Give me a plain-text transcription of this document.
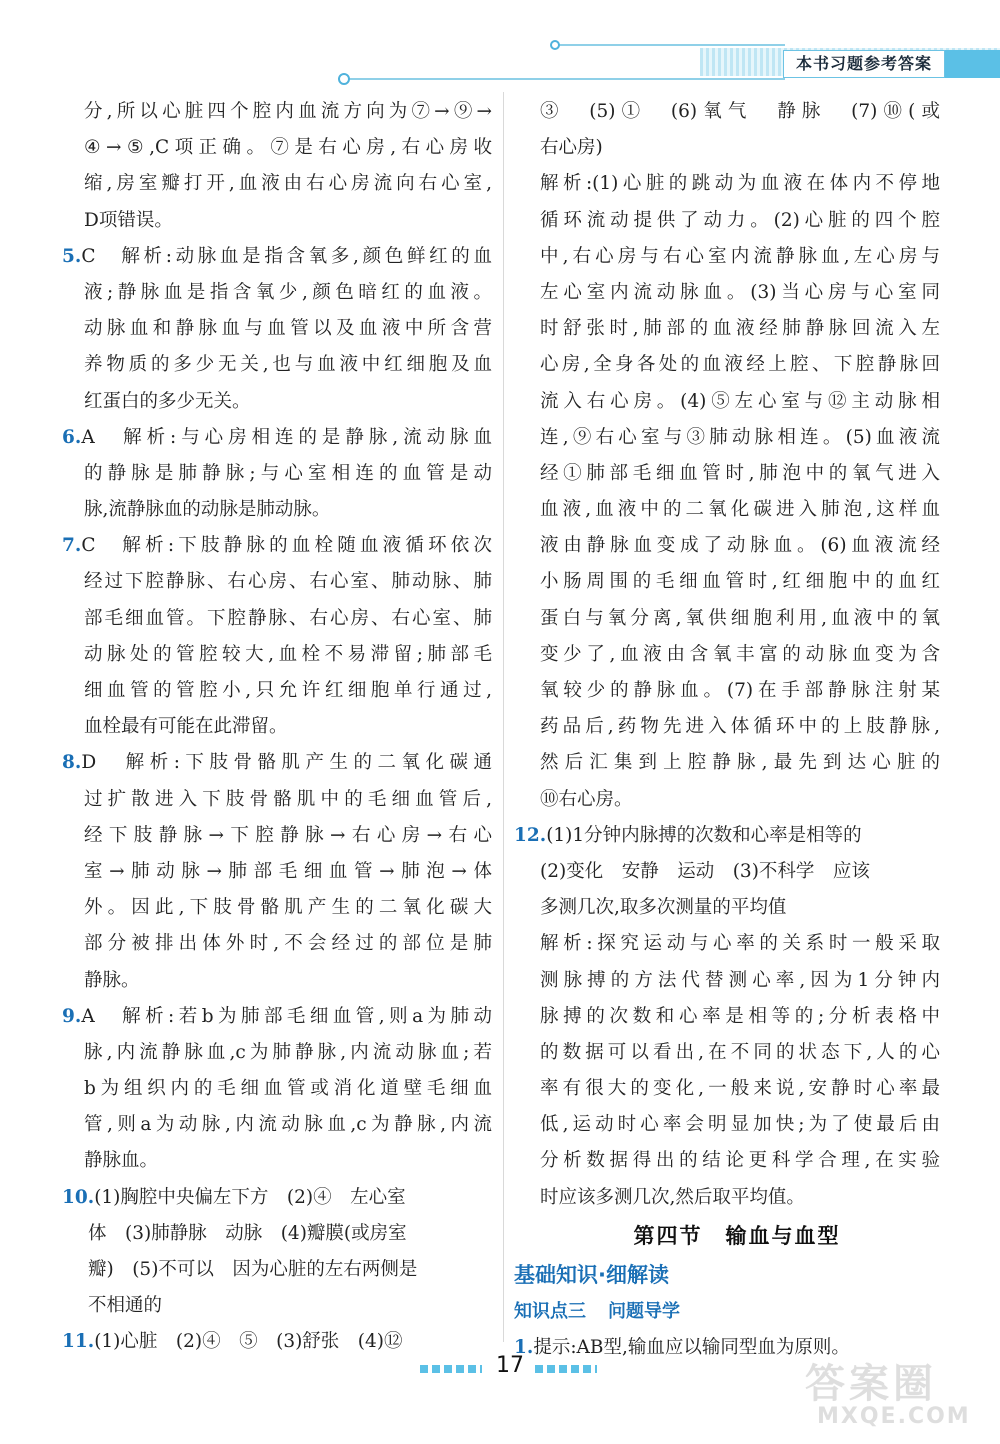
本书习题参考答案
分,所以心脏四个腔内血流方向为⑦→⑨→
④→⑤,C项正确。⑦是右心房,右心房收
缩,房室瓣打开,血液由右心房流向右心室,
D项错误。
5.C　解析:动脉血是指含氧多,颜色鲜红的血
液;静脉血是指含氧少,颜色暗红的血液。
动脉血和静脉血与血管以及血液中所含营
养物质的多少无关,也与血液中红细胞及血
红蛋白的多少无关。
6.A　解析:与心房相连的是静脉,流动脉血
的静脉是肺静脉;与心室相连的血管是动
脉,流静脉血的动脉是肺动脉。
7.C　解析:下肢静脉的血栓随血液循环依次
经过下腔静脉、右心房、右心室、肺动脉、肺
部毛细血管。下腔静脉、右心房、右心室、肺
动脉处的管腔较大,血栓不易滞留;肺部毛
细血管的管腔小,只允许红细胞单行通过,
血栓最有可能在此滞留。
8.D　解析:下肢骨骼肌产生的二氧化碳通
过扩散进入下肢骨骼肌中的毛细血管后,
经下肢静脉→下腔静脉→右心房→右心
室→肺动脉→肺部毛细血管→肺泡→体
外。因此,下肢骨骼肌产生的二氧化碳大
部分被排出体外时,不会经过的部位是肺
静脉。
9.A　解析:若b为肺部毛细血管,则a为肺动
脉,内流静脉血,c为肺静脉,内流动脉血;若
b为组织内的毛细血管或消化道壁毛细血
管,则a为动脉,内流动脉血,c为静脉,内流
静脉血。
10.(1)胸腔中央偏左下方　(2)④　左心室
体　(3)肺静脉　动脉　(4)瓣膜(或房室
瓣)　(5)不可以　因为心脏的左右两侧是
不相通的
11.(1)心脏　(2)④　⑤　(3)舒张　(4)⑫
③　(5)①　(6)氧气　静脉　(7)⑩(或
右心房)
解析:(1)心脏的跳动为血液在体内不停地
循环流动提供了动力。(2)心脏的四个腔
中,右心房与右心室内流静脉血,左心房与
左心室内流动脉血。(3)当心房与心室同
时舒张时,肺部的血液经肺静脉回流入左
心房,全身各处的血液经上腔、下腔静脉回
流入右心房。(4)⑤左心室与⑫主动脉相
连,⑨右心室与③肺动脉相连。(5)血液流
经①肺部毛细血管时,肺泡中的氧气进入
血液,血液中的二氧化碳进入肺泡,这样血
液由静脉血变成了动脉血。(6)血液流经
小肠周围的毛细血管时,红细胞中的血红
蛋白与氧分离,氧供细胞利用,血液中的氧
变少了,血液由含氧丰富的动脉血变为含
氧较少的静脉血。(7)在手部静脉注射某
药品后,药物先进入体循环中的上肢静脉,
然后汇集到上腔静脉,最先到达心脏的
⑩右心房。
12.(1)1分钟内脉搏的次数和心率是相等的
(2)变化　安静　运动　(3)不科学　应该
多测几次,取多次测量的平均值
解析:探究运动与心率的关系时一般采取
测脉搏的方法代替测心率,因为1分钟内
脉搏的次数和心率是相等的;分析表格中
的数据可以看出,在不同的状态下,人的心
率有很大的变化,一般来说,安静时心率最
低,运动时心率会明显加快;为了使最后由
分析数据得出的结论更科学合理,在实验
时应该多测几次,然后取平均值。
第四节　输血与血型
基础知识·细解读
知识点三 问题导学
1.提示:AB型,输血应以输同型血为原则。
17	答案圈
MXQE.COM
